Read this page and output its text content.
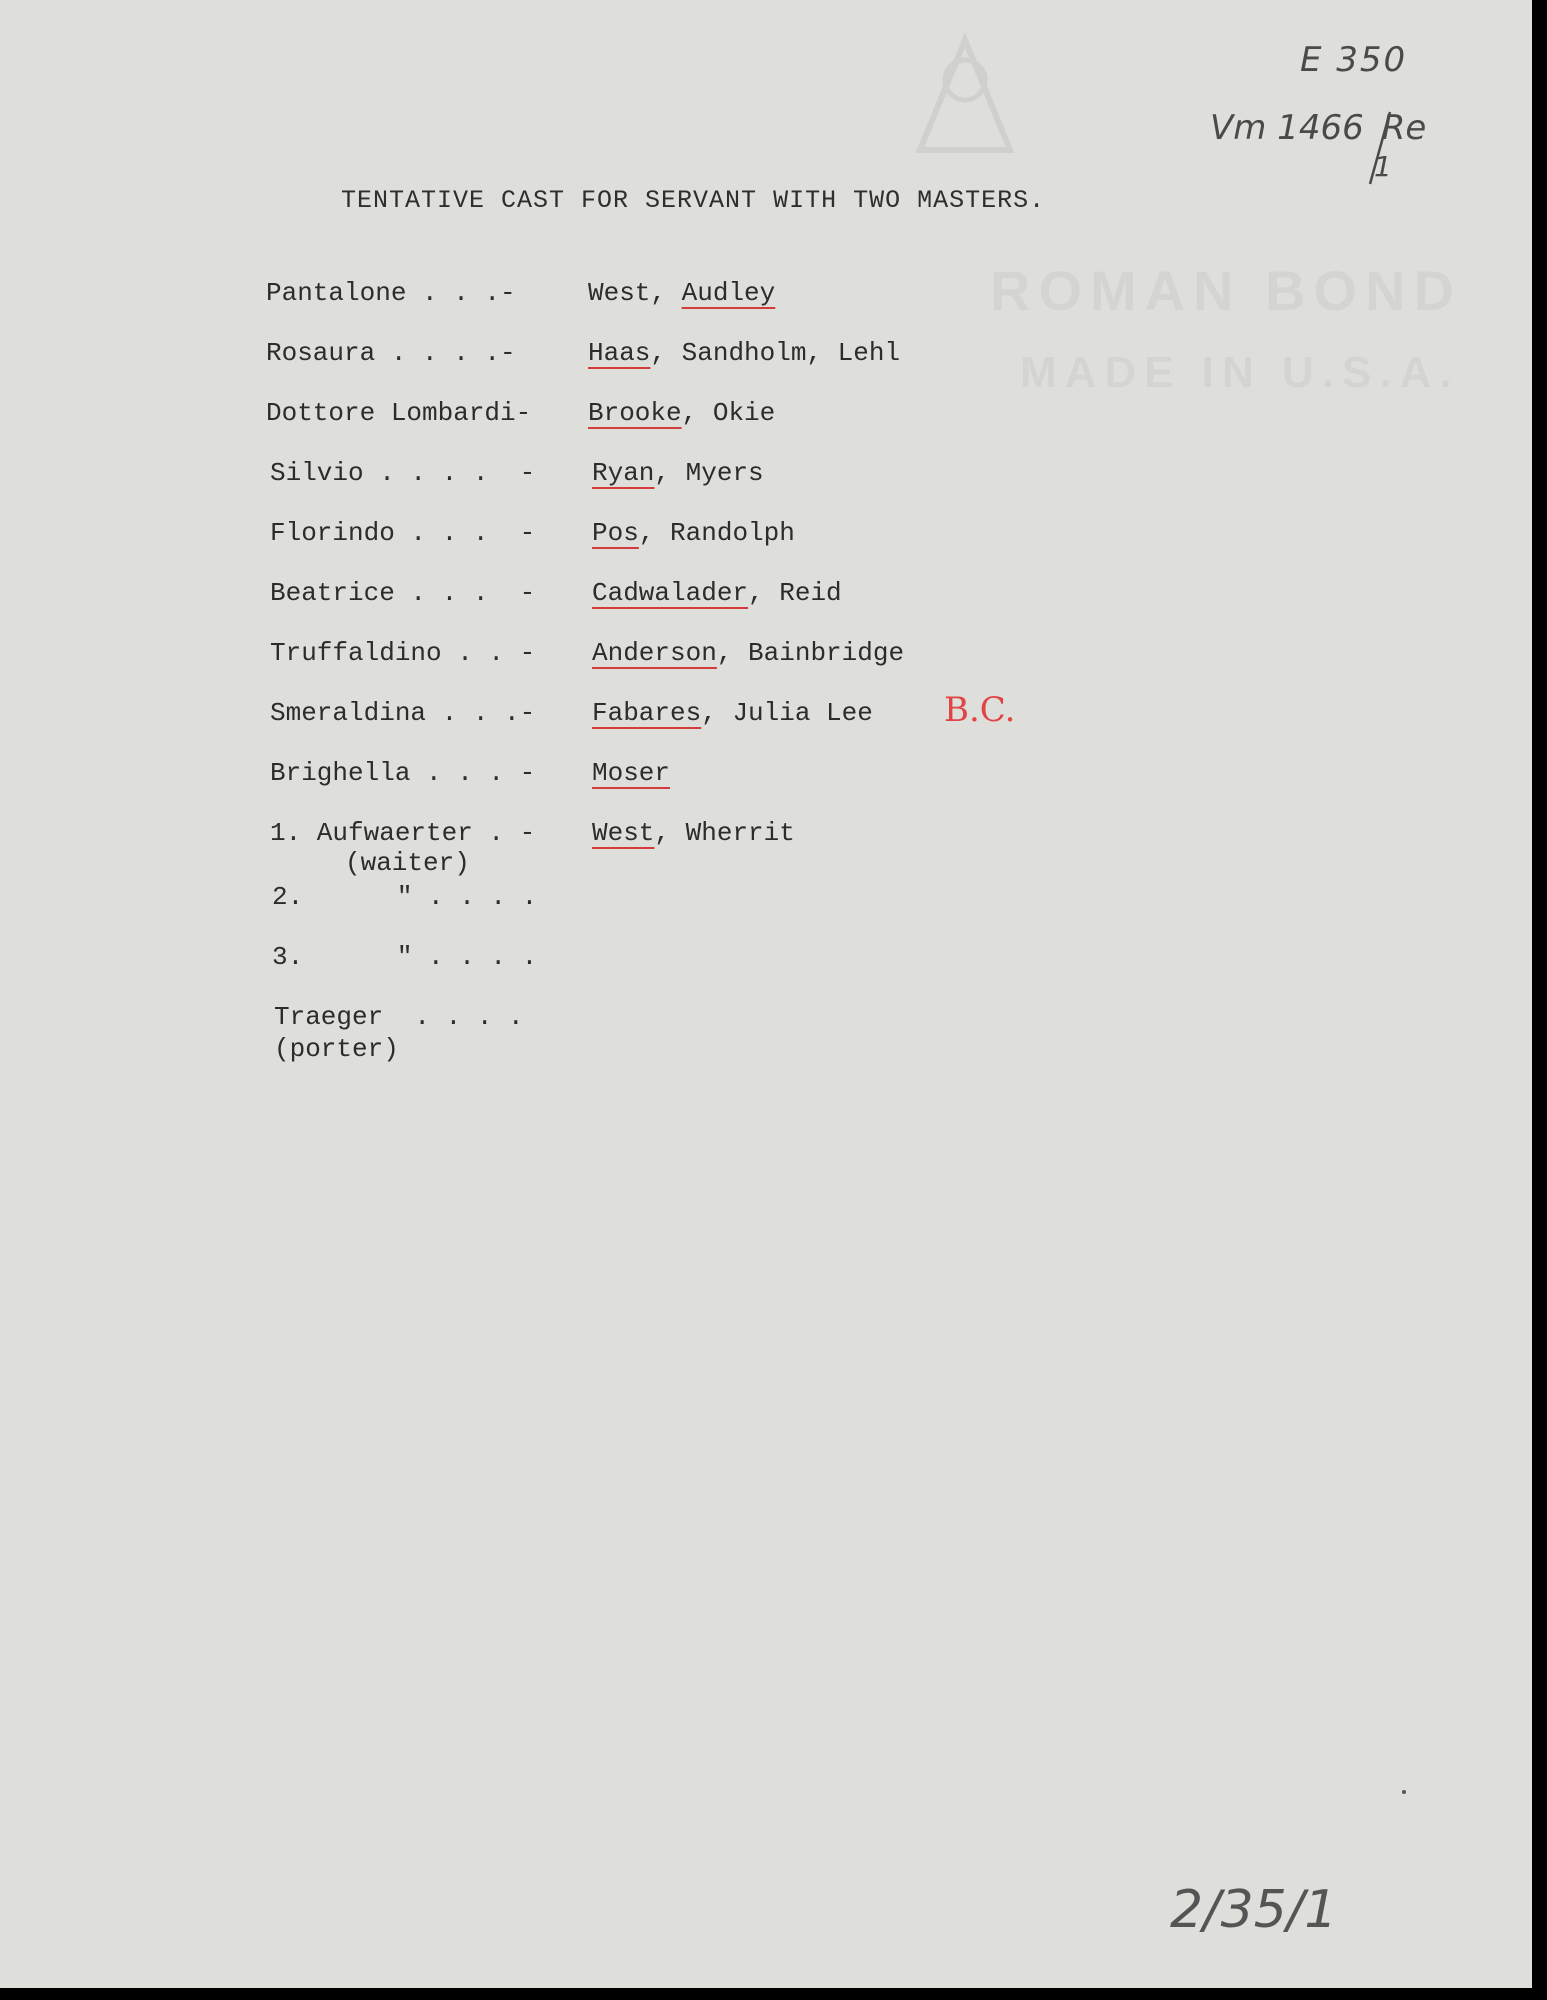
ROMAN BOND
MADE IN U.S.A.
E 350
Vm 1466 Re
1
TENTATIVE CAST FOR SERVANT WITH TWO MASTERS.
Pantalone . . .-	West, Audley
Rosaura . . . .-	Haas, Sandholm, Lehl
Dottore Lombardi- Brooke, Okie
Silvio . . . .  - Ryan, Myers
Florindo . . .  - Pos, Randolph
Beatrice . . .  - Cadwalader, Reid
Truffaldino . . - Anderson, Bainbridge
Smeraldina . . .- Fabares, Julia Lee
Brighella . . . - Moser
1. Aufwaerter . - West, Wherrit
(waiter)
2.      " . . . .
3.      " . . . .
Traeger  . . . .
(porter)
B.C.
2/35/1
